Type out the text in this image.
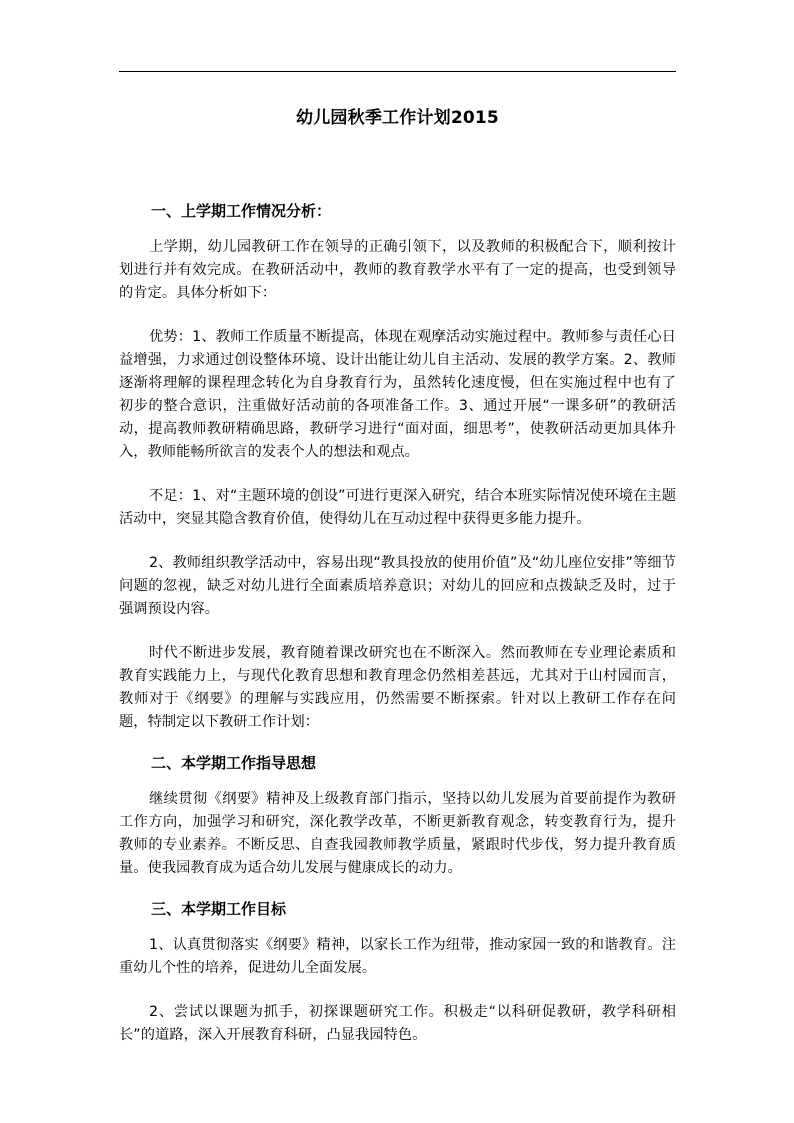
幼儿园秋季工作计划2015
一、上学期工作情况分析：

上学期，幼儿园教研工作在领导的正确引领下，以及教师的积极配合下，顺利按计划进行并有效完成。在教研活动中，教师的教育教学水平有了一定的提高，也受到领导的肯定。具体分析如下：

优势：1、教师工作质量不断提高，体现在观摩活动实施过程中。教师参与责任心日益增强，力求通过创设整体环境、设计出能让幼儿自主活动、发展的教学方案。2、教师逐渐将理解的课程理念转化为自身教育行为，虽然转化速度慢，但在实施过程中也有了初步的整合意识，注重做好活动前的各项准备工作。3、通过开展“一课多研”的教研活动，提高教师教研精确思路，教研学习进行“面对面，细思考”，使教研活动更加具体升入，教师能畅所欲言的发表个人的想法和观点。

不足：1、对“主题环境的创设”可进行更深入研究，结合本班实际情况使环境在主题活动中，突显其隐含教育价值，使得幼儿在互动过程中获得更多能力提升。

2、教师组织教学活动中，容易出现“教具投放的使用价值”及“幼儿座位安排”等细节问题的忽视，缺乏对幼儿进行全面素质培养意识；对幼儿的回应和点拨缺乏及时，过于强调预设内容。

时代不断进步发展，教育随着课改研究也在不断深入。然而教师在专业理论素质和教育实践能力上，与现代化教育思想和教育理念仍然相差甚远，尤其对于山村园而言，教师对于《纲要》的理解与实践应用，仍然需要不断探索。针对以上教研工作存在问题，特制定以下教研工作计划：

二、本学期工作指导思想

继续贯彻《纲要》精神及上级教育部门指示，坚持以幼儿发展为首要前提作为教研工作方向，加强学习和研究，深化教学改革，不断更新教育观念，转变教育行为，提升教师的专业素养。不断反思、自查我园教师教学质量，紧跟时代步伐，努力提升教育质量。使我园教育成为适合幼儿发展与健康成长的动力。

三、本学期工作目标

1、认真贯彻落实《纲要》精神，以家长工作为纽带，推动家园一致的和谐教育。注重幼儿个性的培养，促进幼儿全面发展。

2、尝试以课题为抓手，初探课题研究工作。积极走“以科研促教研，教学科研相长”的道路，深入开展教育科研，凸显我园特色。
